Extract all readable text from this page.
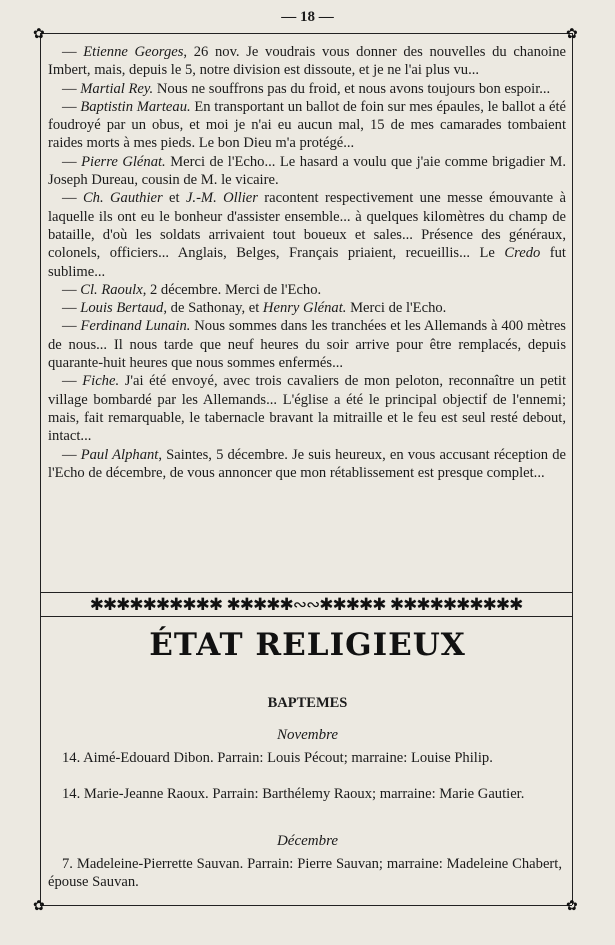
— 18 —
✿	✿
✿	✿

— Etienne Georges, 26 nov. Je voudrais vous donner des nouvelles du chanoine Imbert, mais, depuis le 5, notre division est dissoute, et je ne l'ai plus vu...

— Martial Rey. Nous ne souffrons pas du froid, et nous avons toujours bon espoir...

— Baptistin Marteau. En transportant un ballot de foin sur mes épaules, le ballot a été foudroyé par un obus, et moi je n'ai eu aucun mal, 15 de mes camarades tombaient raides morts à mes pieds. Le bon Dieu m'a protégé...

— Pierre Glénat. Merci de l'Echo... Le hasard a voulu que j'aie comme brigadier M. Joseph Dureau, cousin de M. le vicaire.

— Ch. Gauthier et J.-M. Ollier racontent respectivement une messe émouvante à laquelle ils ont eu le bonheur d'assister ensemble... à quelques kilomètres du champ de bataille, d'où les soldats arrivaient tout boueux et sales... Présence des généraux, colonels, officiers... Anglais, Belges, Français priaient, recueillis... Le Credo fut sublime...

— Cl. Raoulx, 2 décembre. Merci de l'Echo.

— Louis Bertaud, de Sathonay, et Henry Glénat. Merci de l'Echo.

— Ferdinand Lunain. Nous sommes dans les tranchées et les Allemands à 400 mètres de nous... Il nous tarde que neuf heures du soir arrive pour être remplacés, depuis quarante-huit heures que nous sommes enfermés...

— Fiche. J'ai été envoyé, avec trois cavaliers de mon peloton, reconnaître un petit village bombardé par les Allemands... L'église a été le principal objectif de l'ennemi; mais, fait remarquable, le tabernacle bravant la mitraille et le feu est seul resté debout, intact...

— Paul Alphant, Saintes, 5 décembre. Je suis heureux, en vous accusant réception de l'Echo de décembre, de vous annoncer que mon rétablissement est presque complet...

✱✱✱✱✱✱✱✱✱✱ ✱✱✱✱✱∾∾✱✱✱✱✱ ✱✱✱✱✱✱✱✱✱✱
ÉTAT RELIGIEUX
BAPTEMES
Novembre

14. Aimé-Edouard Dibon. Parrain: Louis Pécout; marraine: Louise Philip.

14. Marie-Jeanne Raoux. Parrain: Barthélemy Raoux; marraine: Marie Gautier.

Décembre

7. Madeleine-Pierrette Sauvan. Parrain: Pierre Sauvan; marraine: Madeleine Chabert, épouse Sauvan.
